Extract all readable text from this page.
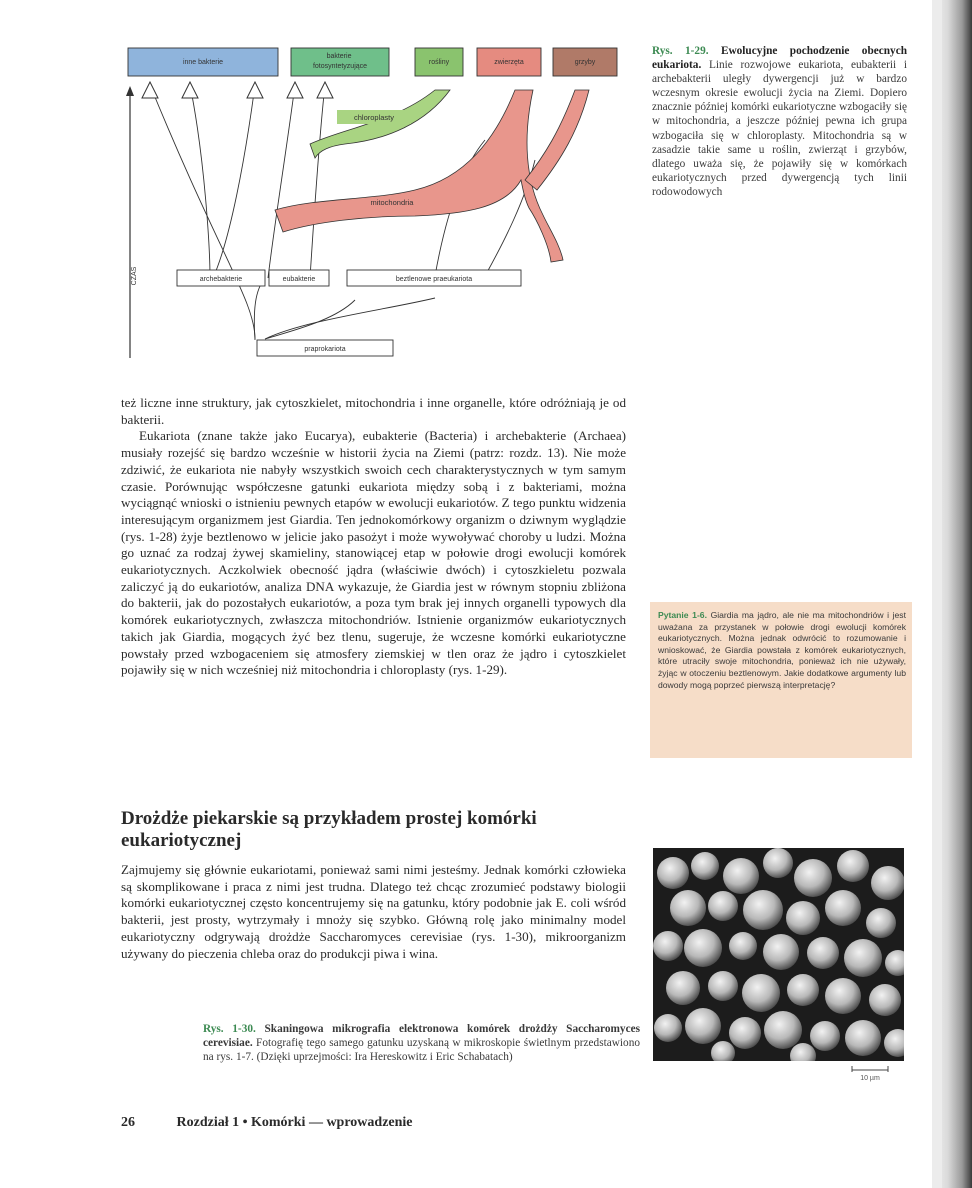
CZAS
chloroplasty
mitochondria
inne bakterie
bakterie fotosyntetyzujące
rośliny	zwierzęta	grzyby
archebakterie	eubakterie	beztlenowe praeukariota
praprokariota
Rys. 1-29. Ewolucyjne pochodzenie obecnych eukariota. Linie rozwojowe eukariota, eubakterii i archebakterii uległy dywergencji już w bardzo wczesnym okresie ewolucji życia na Ziemi. Dopiero znacznie później komórki eukariotyczne wzbogaciły się w mitochondria, a jeszcze później pewna ich grupa wzbogaciła się w chloroplasty. Mitochondria są w zasadzie takie same u roślin, zwierząt i grzybów, dlatego uważa się, że pojawiły się w komórkach eukariotycznych przed dywergencją tych linii rodowodowych

też liczne inne struktury, jak cytoszkielet, mitochondria i inne organelle, które odróżniają je od bakterii.

Eukariota (znane także jako Eucarya), eubakterie (Bacteria) i archebakterie (Archaea) musiały rozejść się bardzo wcześnie w historii życia na Ziemi (patrz: rozdz. 13). Nie może zdziwić, że eukariota nie nabyły wszystkich swoich cech charakterystycznych w tym samym czasie. Porównując współczesne gatunki eukariota między sobą i z bakteriami, można wyciągnąć wnioski o istnieniu pewnych etapów w ewolucji eukariotów. Z tego punktu widzenia interesującym organizmem jest Giardia. Ten jednokomórkowy organizm o dziwnym wyglądzie (rys. 1-28) żyje beztlenowo w jelicie jako pasożyt i może wywoływać choroby u ludzi. Można go uznać za rodzaj żywej skamieliny, stanowiącej etap w połowie drogi ewolucji komórek eukariotycznych. Aczkolwiek obecność jądra (właściwie dwóch) i cytoszkieletu pozwala zaliczyć ją do eukariotów, analiza DNA wykazuje, że Giardia jest w równym stopniu zbliżona do bakterii, jak do pozostałych eukariotów, a poza tym brak jej innych organelli typowych dla komórek eukariotycznych, zwłaszcza mitochondriów. Istnienie organizmów eukariotycznych takich jak Giardia, mogących żyć bez tlenu, sugeruje, że wczesne komórki eukariotyczne powstały przed wzbogaceniem się atmosfery ziemskiej w tlen oraz że jądro i cytoszkielet pojawiły się w nich wcześniej niż mitochondria i chloroplasty (rys. 1-29).

Drożdże piekarskie są przykładem prostej komórki eukariotycznej

Zajmujemy się głównie eukariotami, ponieważ sami nimi jesteśmy. Jednak komórki człowieka są skomplikowane i praca z nimi jest trudna. Dlatego też chcąc zrozumieć podstawy biologii komórki eukariotycznej często koncentrujemy się na gatunku, który podobnie jak E. coli wśród bakterii, jest prosty, wytrzymały i mnoży się szybko. Główną rolę jako minimalny model eukariotyczny odgrywają drożdże Saccharomyces cerevisiae (rys. 1-30), mikroorganizm używany do pieczenia chleba oraz do produkcji piwa i wina.

Pytanie 1-6. Giardia ma jądro, ale nie ma mitochondriów i jest uważana za przystanek w połowie drogi ewolucji komórek eukariotycznych. Można jednak odwrócić to rozumowanie i wnioskować, że Giardia powstała z komórek eukariotycznych, które utraciły swoje mitochondria, ponieważ ich nie używały, żyjąc w otoczeniu beztlenowym. Jakie dodatkowe argumenty lub dowody mogą poprzeć pierwszą interpretację?
10 µm
Rys. 1-30. Skaningowa mikrografia elektronowa komórek drożdży Saccharomyces cerevisiae. Fotografię tego samego gatunku uzyskaną w mikroskopie świetlnym przedstawiono na rys. 1-7. (Dzięki uprzejmości: Ira Hereskowitz i Eric Schabatach)
26	Rozdział 1 • Komórki — wprowadzenie
